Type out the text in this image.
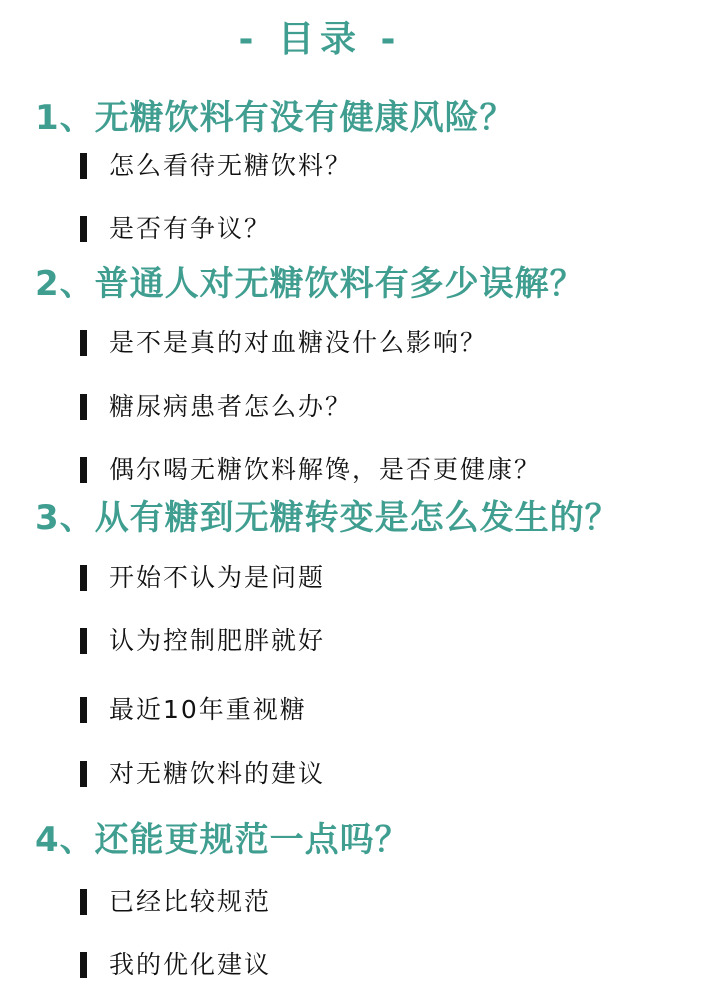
- 目录 -
1、无糖饮料有没有健康风险？
怎么看待无糖饮料？
是否有争议？
2、普通人对无糖饮料有多少误解？
是不是真的对血糖没什么影响？
糖尿病患者怎么办？
偶尔喝无糖饮料解馋，是否更健康？
3、从有糖到无糖转变是怎么发生的？
开始不认为是问题
认为控制肥胖就好
最近10年重视糖
对无糖饮料的建议
4、还能更规范一点吗？
已经比较规范
我的优化建议
